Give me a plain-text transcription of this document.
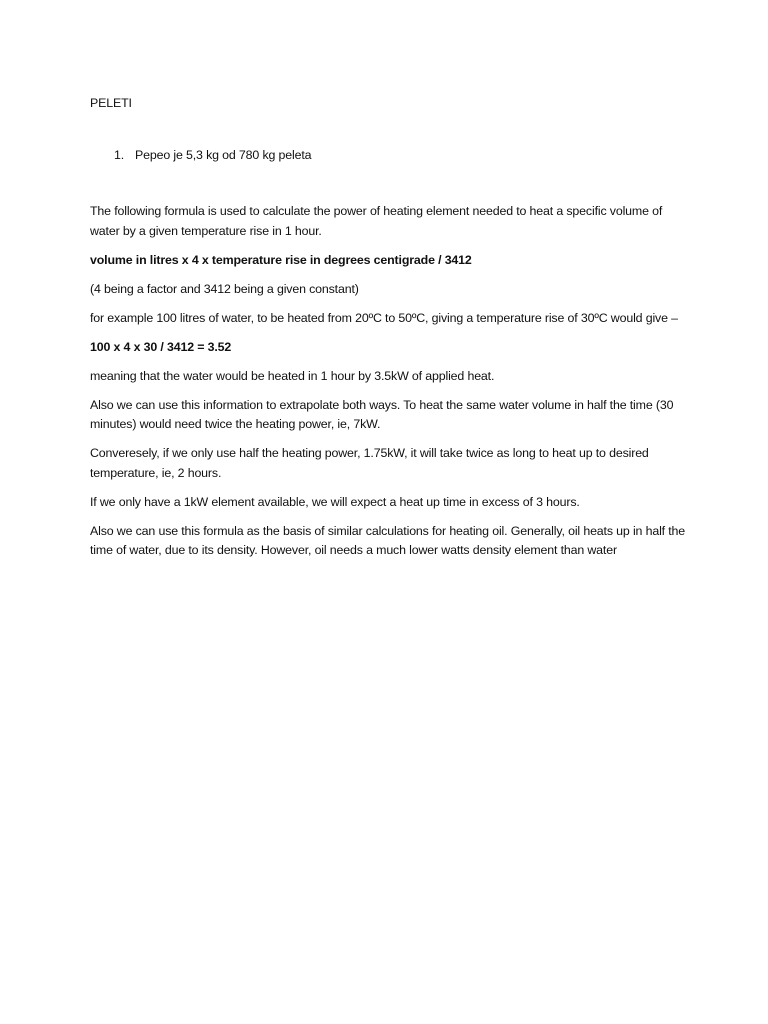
PELETI
1. Pepeo je 5,3 kg od 780 kg peleta

The following formula is used to calculate the power of heating element needed to heat a specific volume of water by a given temperature rise in 1 hour.

volume in litres x 4 x temperature rise in degrees centigrade / 3412

(4 being a factor and 3412 being a given constant)

for example 100 litres of water, to be heated from 20ºC to 50ºC, giving a temperature rise of 30ºC would give –

100 x 4 x 30 / 3412 = 3.52

meaning that the water would be heated in 1 hour by 3.5kW of applied heat.

Also we can use this information to extrapolate both ways. To heat the same water volume in half the time (30 minutes) would need twice the heating power, ie, 7kW.

Converesely, if we only use half the heating power, 1.75kW, it will take twice as long to heat up to desired temperature, ie, 2 hours.

If we only have a 1kW element available, we will expect a heat up time in excess of 3 hours.

Also we can use this formula as the basis of similar calculations for heating oil. Generally, oil heats up in half the time of water, due to its density. However, oil needs a much lower watts density element than water
